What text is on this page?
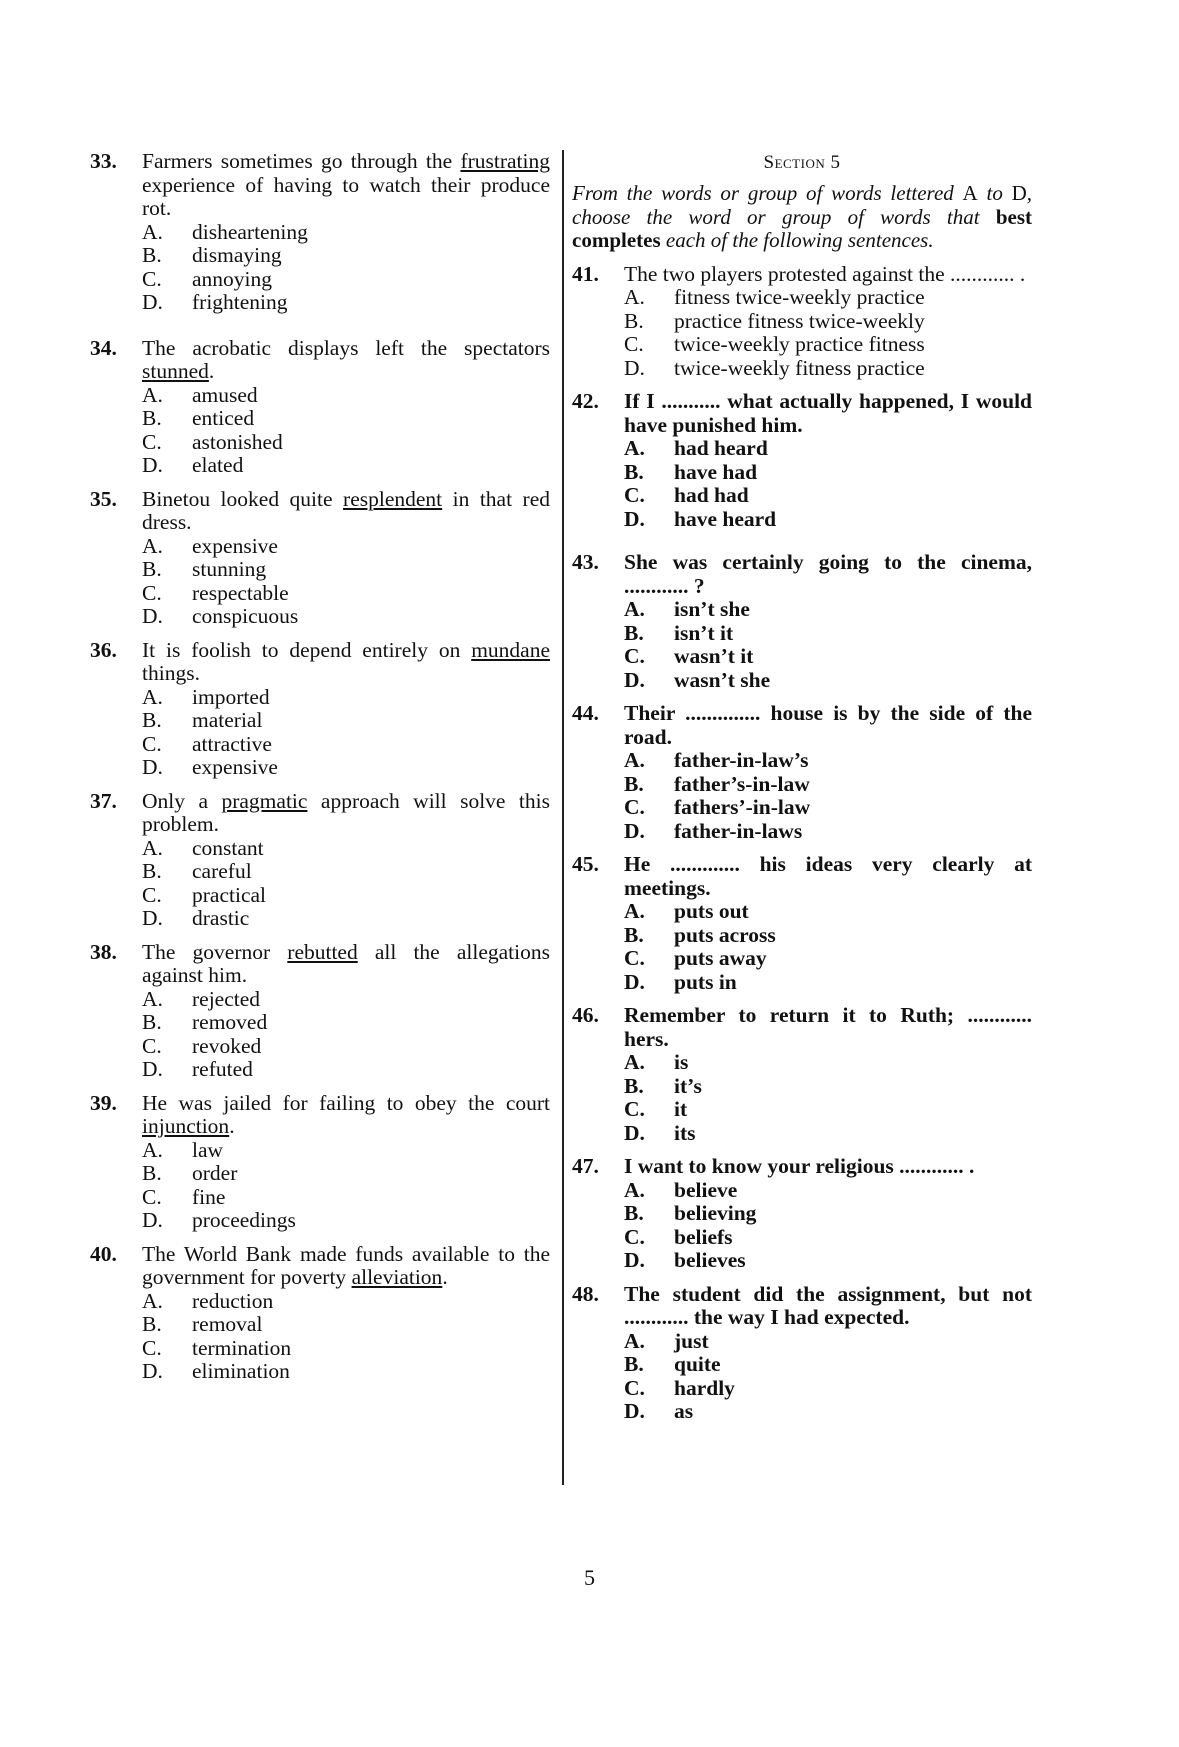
33.	Farmers sometimes go through the frustrating experience of having to watch their produce rot.
A.	disheartening
B.	dismaying
C.	annoying
D.	frightening
34.	The acrobatic displays left the spectators stunned.
A.	amused
B.	enticed
C.	astonished
D.	elated
35.	Binetou looked quite resplendent in that red dress.
A.	expensive
B.	stunning
C.	respectable
D.	conspicuous
36.	It is foolish to depend entirely on mundane things.
A.	imported
B.	material
C.	attractive
D.	expensive
37.	Only a pragmatic approach will solve this problem.
A.	constant
B.	careful
C.	practical
D.	drastic
38.	The governor rebutted all the allegations against him.
A.	rejected
B.	removed
C.	revoked
D.	refuted
39.	He was jailed for failing to obey the court injunction.
A.	law
B.	order
C.	fine
D.	proceedings
40.	The World Bank made funds available to the government for poverty alleviation.
A.	reduction
B.	removal
C.	termination
D.	elimination
Section 5
From the words or group of words lettered A to D, choose the word or group of words that best completes each of the following sentences.
41.	The two players protested against the ............ .
A.	fitness twice-weekly practice
B.	practice fitness twice-weekly
C.	twice-weekly practice fitness
D.	twice-weekly fitness practice
42.	If I ........... what actually happened, I would have punished him.
A.	had heard
B.	have had
C.	had had
D.	have heard
43.	She was certainly going to the cinema, ............ ?
A.	isn’t she
B.	isn’t it
C.	wasn’t it
D.	wasn’t she
44.	Their .............. house is by the side of the road.
A.	father-in-law’s
B.	father’s-in-law
C.	fathers’-in-law
D.	father-in-laws
45.	He ............. his ideas very clearly at meetings.
A.	puts out
B.	puts across
C.	puts away
D.	puts in
46.	Remember to return it to Ruth; ............ hers.
A.	is
B.	it’s
C.	it
D.	its
47.	I want to know your religious ............ .
A.	believe
B.	believing
C.	beliefs
D.	believes
48.	The student did the assignment, but not ............ the way I had expected.
A.	just
B.	quite
C.	hardly
D.	as
5
